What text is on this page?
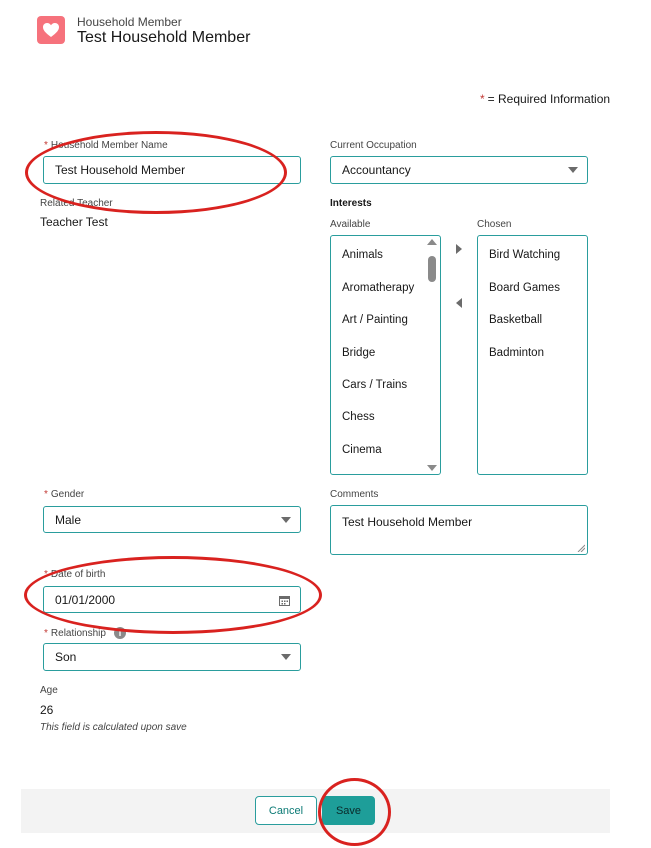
Household Member
Test Household Member
* = Required Information
* Household Member Name
Test Household Member
Related Teacher
Teacher Test
Current Occupation
Accountancy
Interests
Available	Chosen
Animals
Aromatherapy
Art / Painting
Bridge
Cars / Trains
Chess
Cinema
Bird Watching
Board Games
Basketball
Badminton
* Gender
Male
Comments
Test Household Member
* Date of birth
01/01/2000
* Relationship	i
Son
Age
26
This field is calculated upon save
Cancel	Save
